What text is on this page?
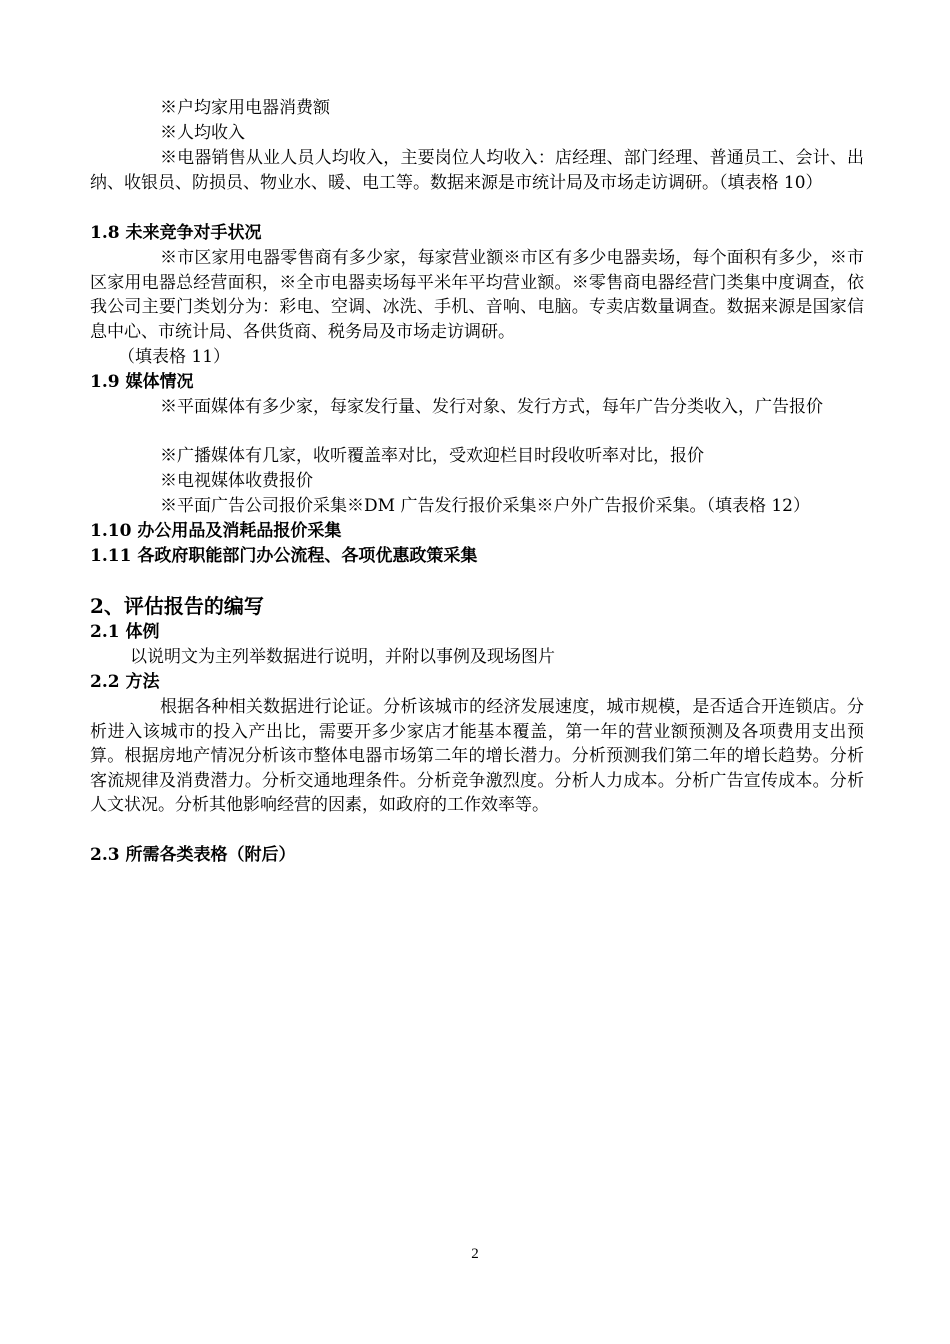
※户均家用电器消费额
※人均收入
※电器销售从业人员人均收入，主要岗位人均收入：店经理、部门经理、普通员工、会计、出纳、收银员、防损员、物业水、暖、电工等。数据来源是市统计局及市场走访调研。（填表格 10）
1.8 未来竞争对手状况
※市区家用电器零售商有多少家，每家营业额※市区有多少电器卖场，每个面积有多少，※市区家用电器总经营面积，※全市电器卖场每平米年平均营业额。※零售商电器经营门类集中度调查，依我公司主要门类划分为：彩电、空调、冰洗、手机、音响、电脑。专卖店数量调查。数据来源是国家信息中心、市统计局、各供货商、税务局及市场走访调研。
（填表格 11）
1.9 媒体情况
※平面媒体有多少家，每家发行量、发行对象、发行方式，每年广告分类收入，广告报价
※广播媒体有几家，收听覆盖率对比，受欢迎栏目时段收听率对比，报价
※电视媒体收费报价
※平面广告公司报价采集※DM 广告发行报价采集※户外广告报价采集。（填表格 12）
1.10 办公用品及消耗品报价采集
1.11 各政府职能部门办公流程、各项优惠政策采集
2、评估报告的编写
2.1 体例
以说明文为主列举数据进行说明，并附以事例及现场图片
2.2 方法
根据各种相关数据进行论证。分析该城市的经济发展速度，城市规模，是否适合开连锁店。分析进入该城市的投入产出比，需要开多少家店才能基本覆盖，第一年的营业额预测及各项费用支出预算。根据房地产情况分析该市整体电器市场第二年的增长潜力。分析预测我们第二年的增长趋势。分析客流规律及消费潜力。分析交通地理条件。分析竞争激烈度。分析人力成本。分析广告宣传成本。分析人文状况。分析其他影响经营的因素，如政府的工作效率等。
2.3 所需各类表格（附后）
2
